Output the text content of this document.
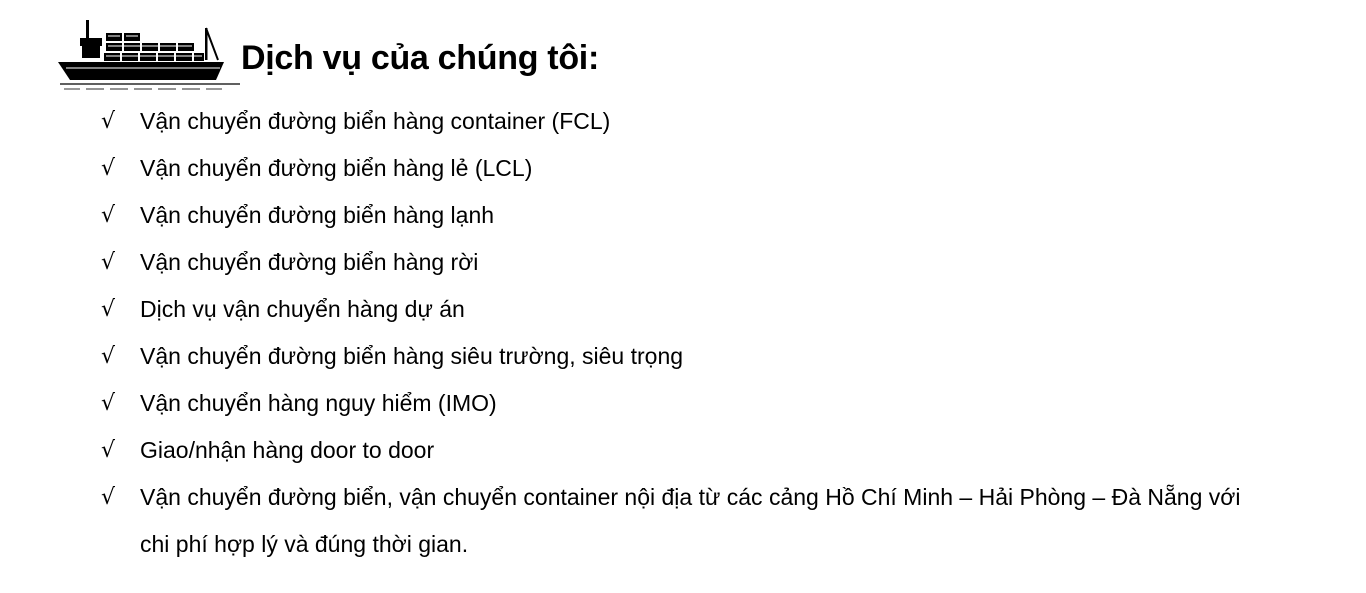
Dịch vụ của chúng tôi:
√ Vận chuyển đường biển hàng container (FCL)
√ Vận chuyển đường biển hàng lẻ (LCL)
√ Vận chuyển đường biển hàng lạnh
√ Vận chuyển đường biển hàng rời
√ Dịch vụ vận chuyển hàng dự án
√ Vận chuyển đường biển hàng siêu trường, siêu trọng
√ Vận chuyển hàng nguy hiểm (IMO)
√ Giao/nhận hàng door to door
√ Vận chuyển đường biển, vận chuyển container nội địa từ các cảng Hồ Chí Minh – Hải Phòng – Đà Nẵng với chi phí hợp lý và đúng thời gian.
